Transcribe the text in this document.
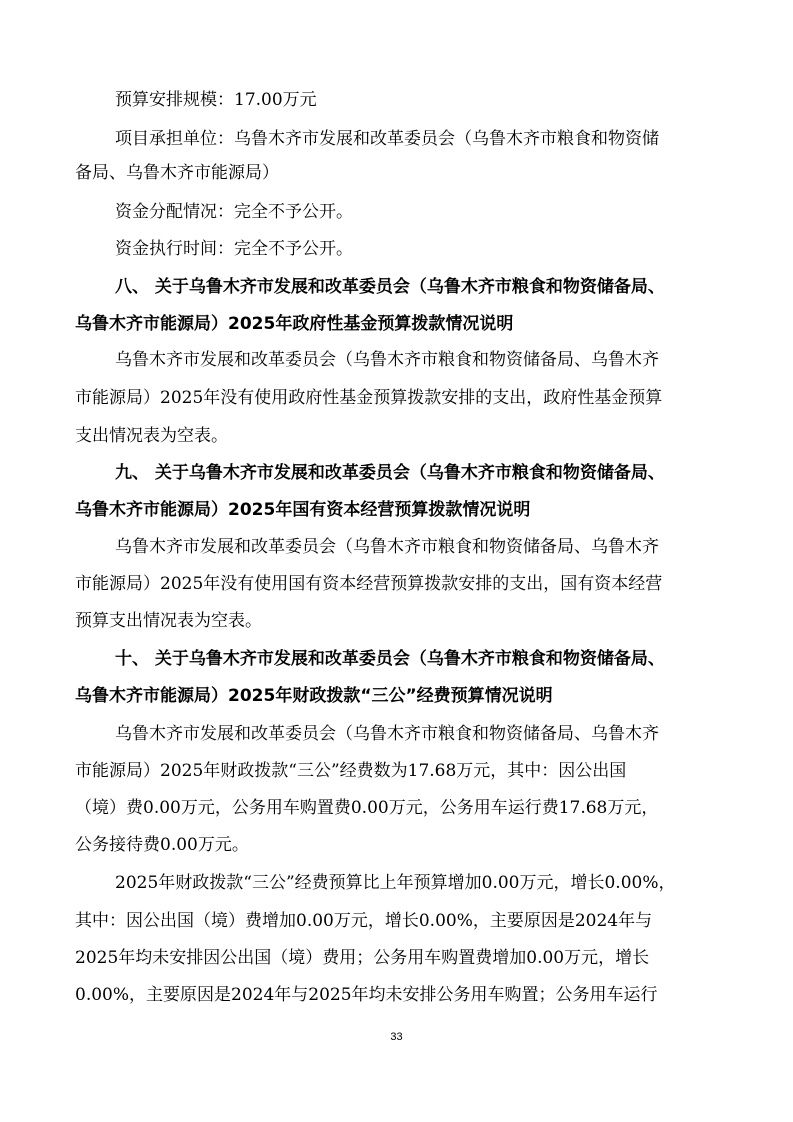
预算安排规模：17.00万元
项目承担单位：乌鲁木齐市发展和改革委员会（乌鲁木齐市粮食和物资储
备局、乌鲁木齐市能源局）
资金分配情况：完全不予公开。
资金执行时间：完全不予公开。
八、 关于乌鲁木齐市发展和改革委员会（乌鲁木齐市粮食和物资储备局、
乌鲁木齐市能源局）2025年政府性基金预算拨款情况说明
乌鲁木齐市发展和改革委员会（乌鲁木齐市粮食和物资储备局、乌鲁木齐
市能源局）2025年没有使用政府性基金预算拨款安排的支出，政府性基金预算
支出情况表为空表。
九、 关于乌鲁木齐市发展和改革委员会（乌鲁木齐市粮食和物资储备局、
乌鲁木齐市能源局）2025年国有资本经营预算拨款情况说明
乌鲁木齐市发展和改革委员会（乌鲁木齐市粮食和物资储备局、乌鲁木齐
市能源局）2025年没有使用国有资本经营预算拨款安排的支出，国有资本经营
预算支出情况表为空表。
十、 关于乌鲁木齐市发展和改革委员会（乌鲁木齐市粮食和物资储备局、
乌鲁木齐市能源局）2025年财政拨款“三公”经费预算情况说明
乌鲁木齐市发展和改革委员会（乌鲁木齐市粮食和物资储备局、乌鲁木齐
市能源局）2025年财政拨款“三公”经费数为17.68万元，其中：因公出国
（境）费0.00万元，公务用车购置费0.00万元，公务用车运行费17.68万元，
公务接待费0.00万元。
2025年财政拨款“三公”经费预算比上年预算增加0.00万元，增长0.00%，
其中：因公出国（境）费增加0.00万元，增长0.00%，主要原因是2024年与
2025年均未安排因公出国（境）费用；公务用车购置费增加0.00万元，增长
0.00%，主要原因是2024年与2025年均未安排公务用车购置；公务用车运行
33
